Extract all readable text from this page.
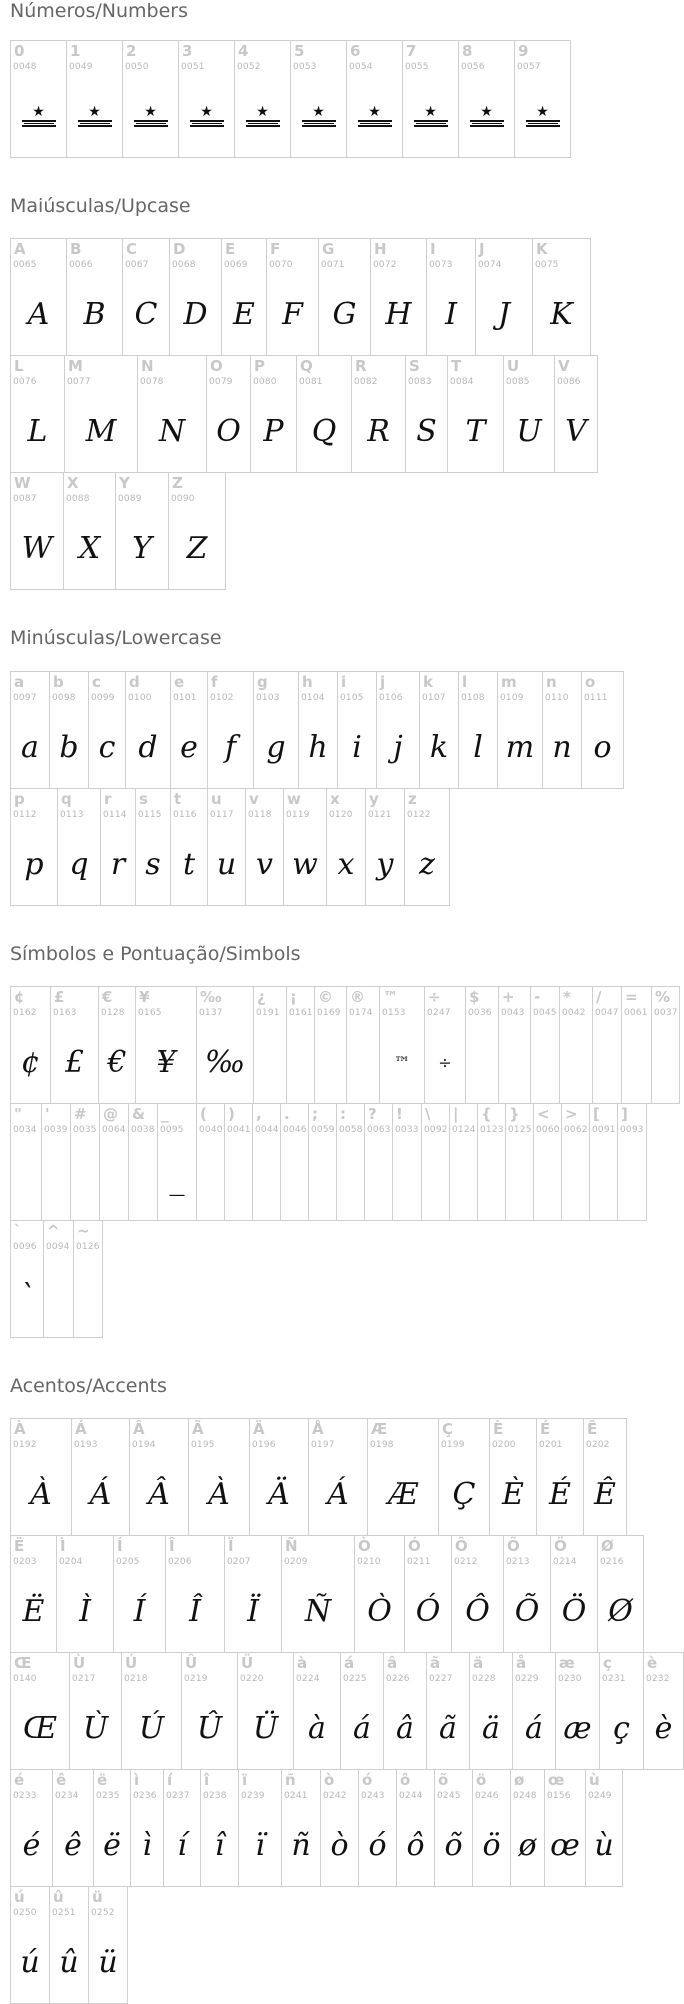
Números/Numbers
0
0048
★
1
0049
★
2
0050
★
3
0051
★
4
0052
★
5
0053
★
6
0054
★
7
0055
★
8
0056
★
9
0057
★
Maiúsculas/Upcase
A
0065
A
B
0066
B
C
0067
C
D
0068
D
E
0069
E
F
0070
F
G
0071
G
H
0072
H
I
0073
I
J
0074
J
K
0075
K
L
0076
L
M
0077
M
N
0078
N
O
0079
O
P
0080
P
Q
0081
Q
R
0082
R
S
0083
S
T
0084
T
U
0085
U
V
0086
V
W
0087
W
X
0088
X
Y
0089
Y
Z
0090
Z
Minúsculas/Lowercase
a
0097
a
b
0098
b
c
0099
c
d
0100
d
e
0101
e
f
0102
f
g
0103
g
h
0104
h
i
0105
i
j
0106
j
k
0107
k
l
0108
l
m
0109
m
n
0110
n
o
0111
o
p
0112
p
q
0113
q
r
0114
r
s
0115
s
t
0116
t
u
0117
u
v
0118
v
w
0119
w
x
0120
x
y
0121
y
z
0122
z
Símbolos e Pontuação/Simbols
¢
0162
¢
£
0163
£
€
0128
€
¥
0165
¥
‰
0137
‰
¿
0191
¡
0161
©
0169
®
0174
™
0153
™
÷
0247
÷
$
0036
+
0043
-
0045
*
0042
/
0047
=
0061
%
0037
"
0034
'
0039
#
0035
@
0064
&
0038
_
0095
_
(
0040
)
0041
,
0044
.
0046
;
0059
:
0058
?
0063
!
0033
\
0092
|
0124
{
0123
}
0125
<
0060
>
0062
[
0091
]
0093
`
0096
`
^
0094
~
0126
Acentos/Accents
À
0192
À
Á
0193
Á
Â
0194
Â
Ã
0195
À
Ä
0196
Ä
Å
0197
Á
Æ
0198
Æ
Ç
0199
Ç
È
0200
È
É
0201
É
Ê
0202
Ê
Ë
0203
Ë
Ì
0204
Ì
Í
0205
Í
Î
0206
Î
Ï
0207
Ï
Ñ
0209
Ñ
Ò
0210
Ò
Ó
0211
Ó
Ô
0212
Ô
Õ
0213
Õ
Ö
0214
Ö
Ø
0216
Ø
Œ
0140
Œ
Ù
0217
Ù
Ú
0218
Ú
Û
0219
Û
Ü
0220
Ü
à
0224
à
á
0225
á
â
0226
â
ã
0227
ã
ä
0228
ä
å
0229
á
æ
0230
æ
ç
0231
ç
è
0232
è
é
0233
é
ê
0234
ê
ë
0235
ë
ì
0236
ì
í
0237
í
î
0238
î
ï
0239
ï
ñ
0241
ñ
ò
0242
ò
ó
0243
ó
ô
0244
ô
õ
0245
õ
ö
0246
ö
ø
0248
ø
œ
0156
œ
ù
0249
ù
ú
0250
ú
û
0251
û
ü
0252
ü
